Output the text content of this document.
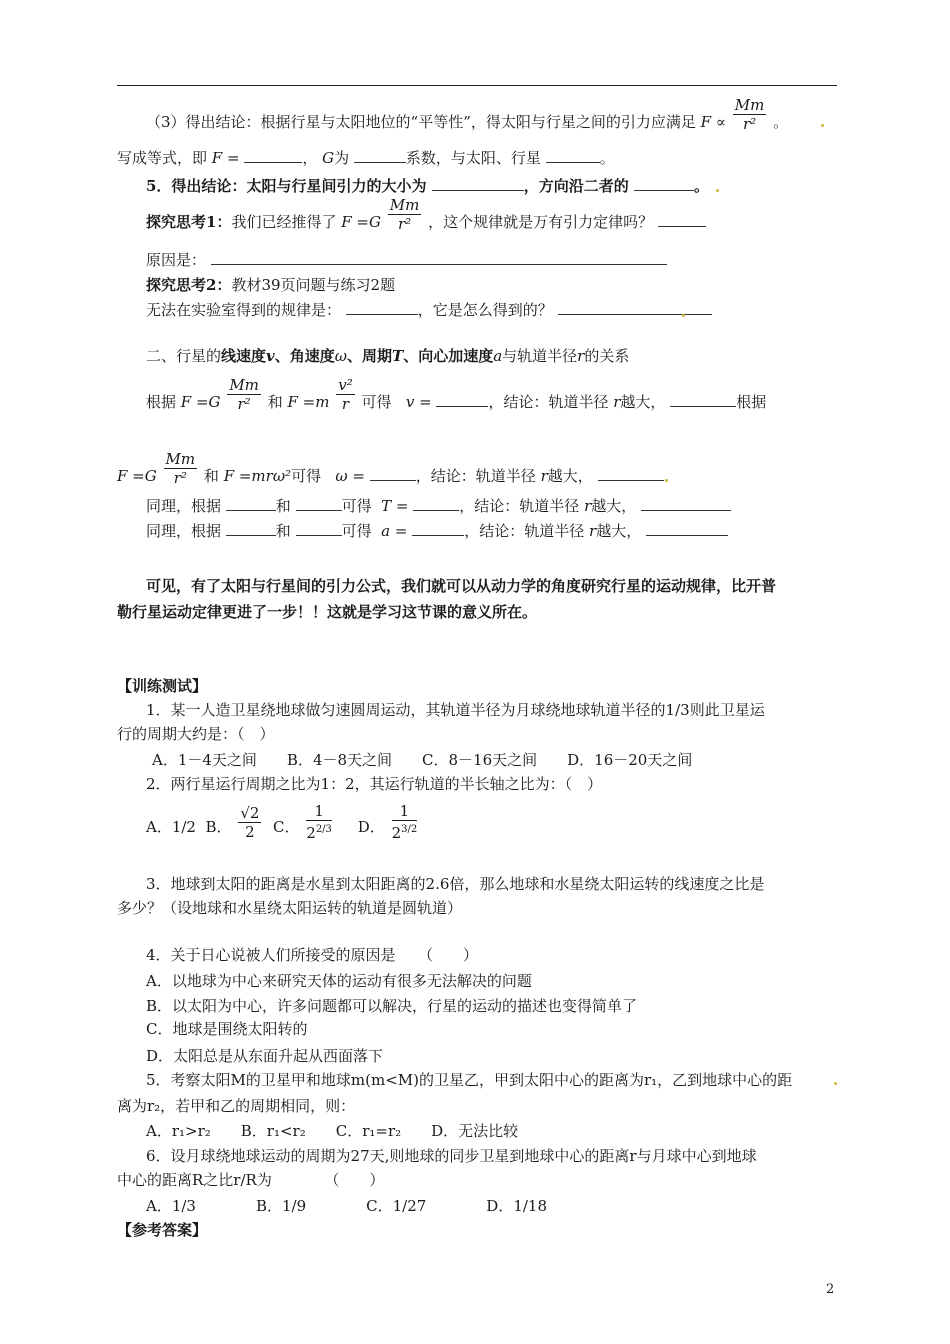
（3）得出结论：根据行星与太阳地位的“平等性”，得太阳与行星之间的引力应满足 $F \propto \frac{Mm}{\text{r²}}$ 。
写成等式，即 F =	， G为	系数，与太阳、行星	。
5．得出结论：太阳与行星间引力的大小为	，方向沿二者的	。
探究思考1：我们已经推得了 $F =G \frac{Mm}{\text{r²}}$ ，这个规律就是万有引力定律吗？
原因是：
探究思考2：教材39页问题与练习2题
无法在实验室得到的规律是：	，它是怎么得到的？
二、行星的线速度v、角速度ω、周期T、向心加速度a与轨道半径r的关系
根据 $F =G \frac{Mm}{\text{r²}}$ 和 $F =m \frac{\text{v²}}{r}$ 可得 v =	，结论：轨道半径 r越大，	根据
$F =G \frac{Mm}{\text{r²}}$ 和 F =mrω²可得 ω =	，结论：轨道半径 r越大，
同理，根据	和	可得 T =	，结论：轨道半径 r越大，
同理，根据	和	可得 a =	，结论：轨道半径 r越大，
可见，有了太阳与行星间的引力公式，我们就可以从动力学的角度研究行星的运动规律，比开普
勒行星运动定律更进了一步！！这就是学习这节课的意义所在。
【训练测试】
1．某一人造卫星绕地球做匀速圆周运动，其轨道半径为月球绕地球轨道半径的1/3则此卫星运
行的周期大约是：（　）
A．1－4天之间　　B．4－8天之间　　C．8－16天之间　　D．16－20天之间
2．两行星运行周期之比为1：2，其运行轨道的半长轴之比为：（　）
A．1/2 B． $\frac{√2}{2}$ C． $\frac{1}{2^{2/3}}$ D． $\frac{1}{2^{3/2}}$
3．地球到太阳的距离是水星到太阳距离的2.6倍，那么地球和水星绕太阳运转的线速度之比是
多少？（设地球和水星绕太阳运转的轨道是圆轨道）
4．关于日心说被人们所接受的原因是　　（　　）
A．以地球为中心来研究天体的运动有很多无法解决的问题
B．以太阳为中心，许多问题都可以解决，行星的运动的描述也变得简单了
C．地球是围绕太阳转的
D．太阳总是从东面升起从西面落下
5．考察太阳M的卫星甲和地球m(m<M)的卫星乙，甲到太阳中心的距离为r₁，乙到地球中心的距
离为r₂，若甲和乙的周期相同，则：
A．r₁>r₂　　B．r₁<r₂　　C．r₁=r₂　　D．无法比较
6．设月球绕地球运动的周期为27天,则地球的同步卫星到地球中心的距离r与月球中心到地球
中心的距离R之比r/R为　　　　（　　）
A．1/3　　　　B．1/9　　　　C．1/27　　　　D．1/18
【参考答案】
2
